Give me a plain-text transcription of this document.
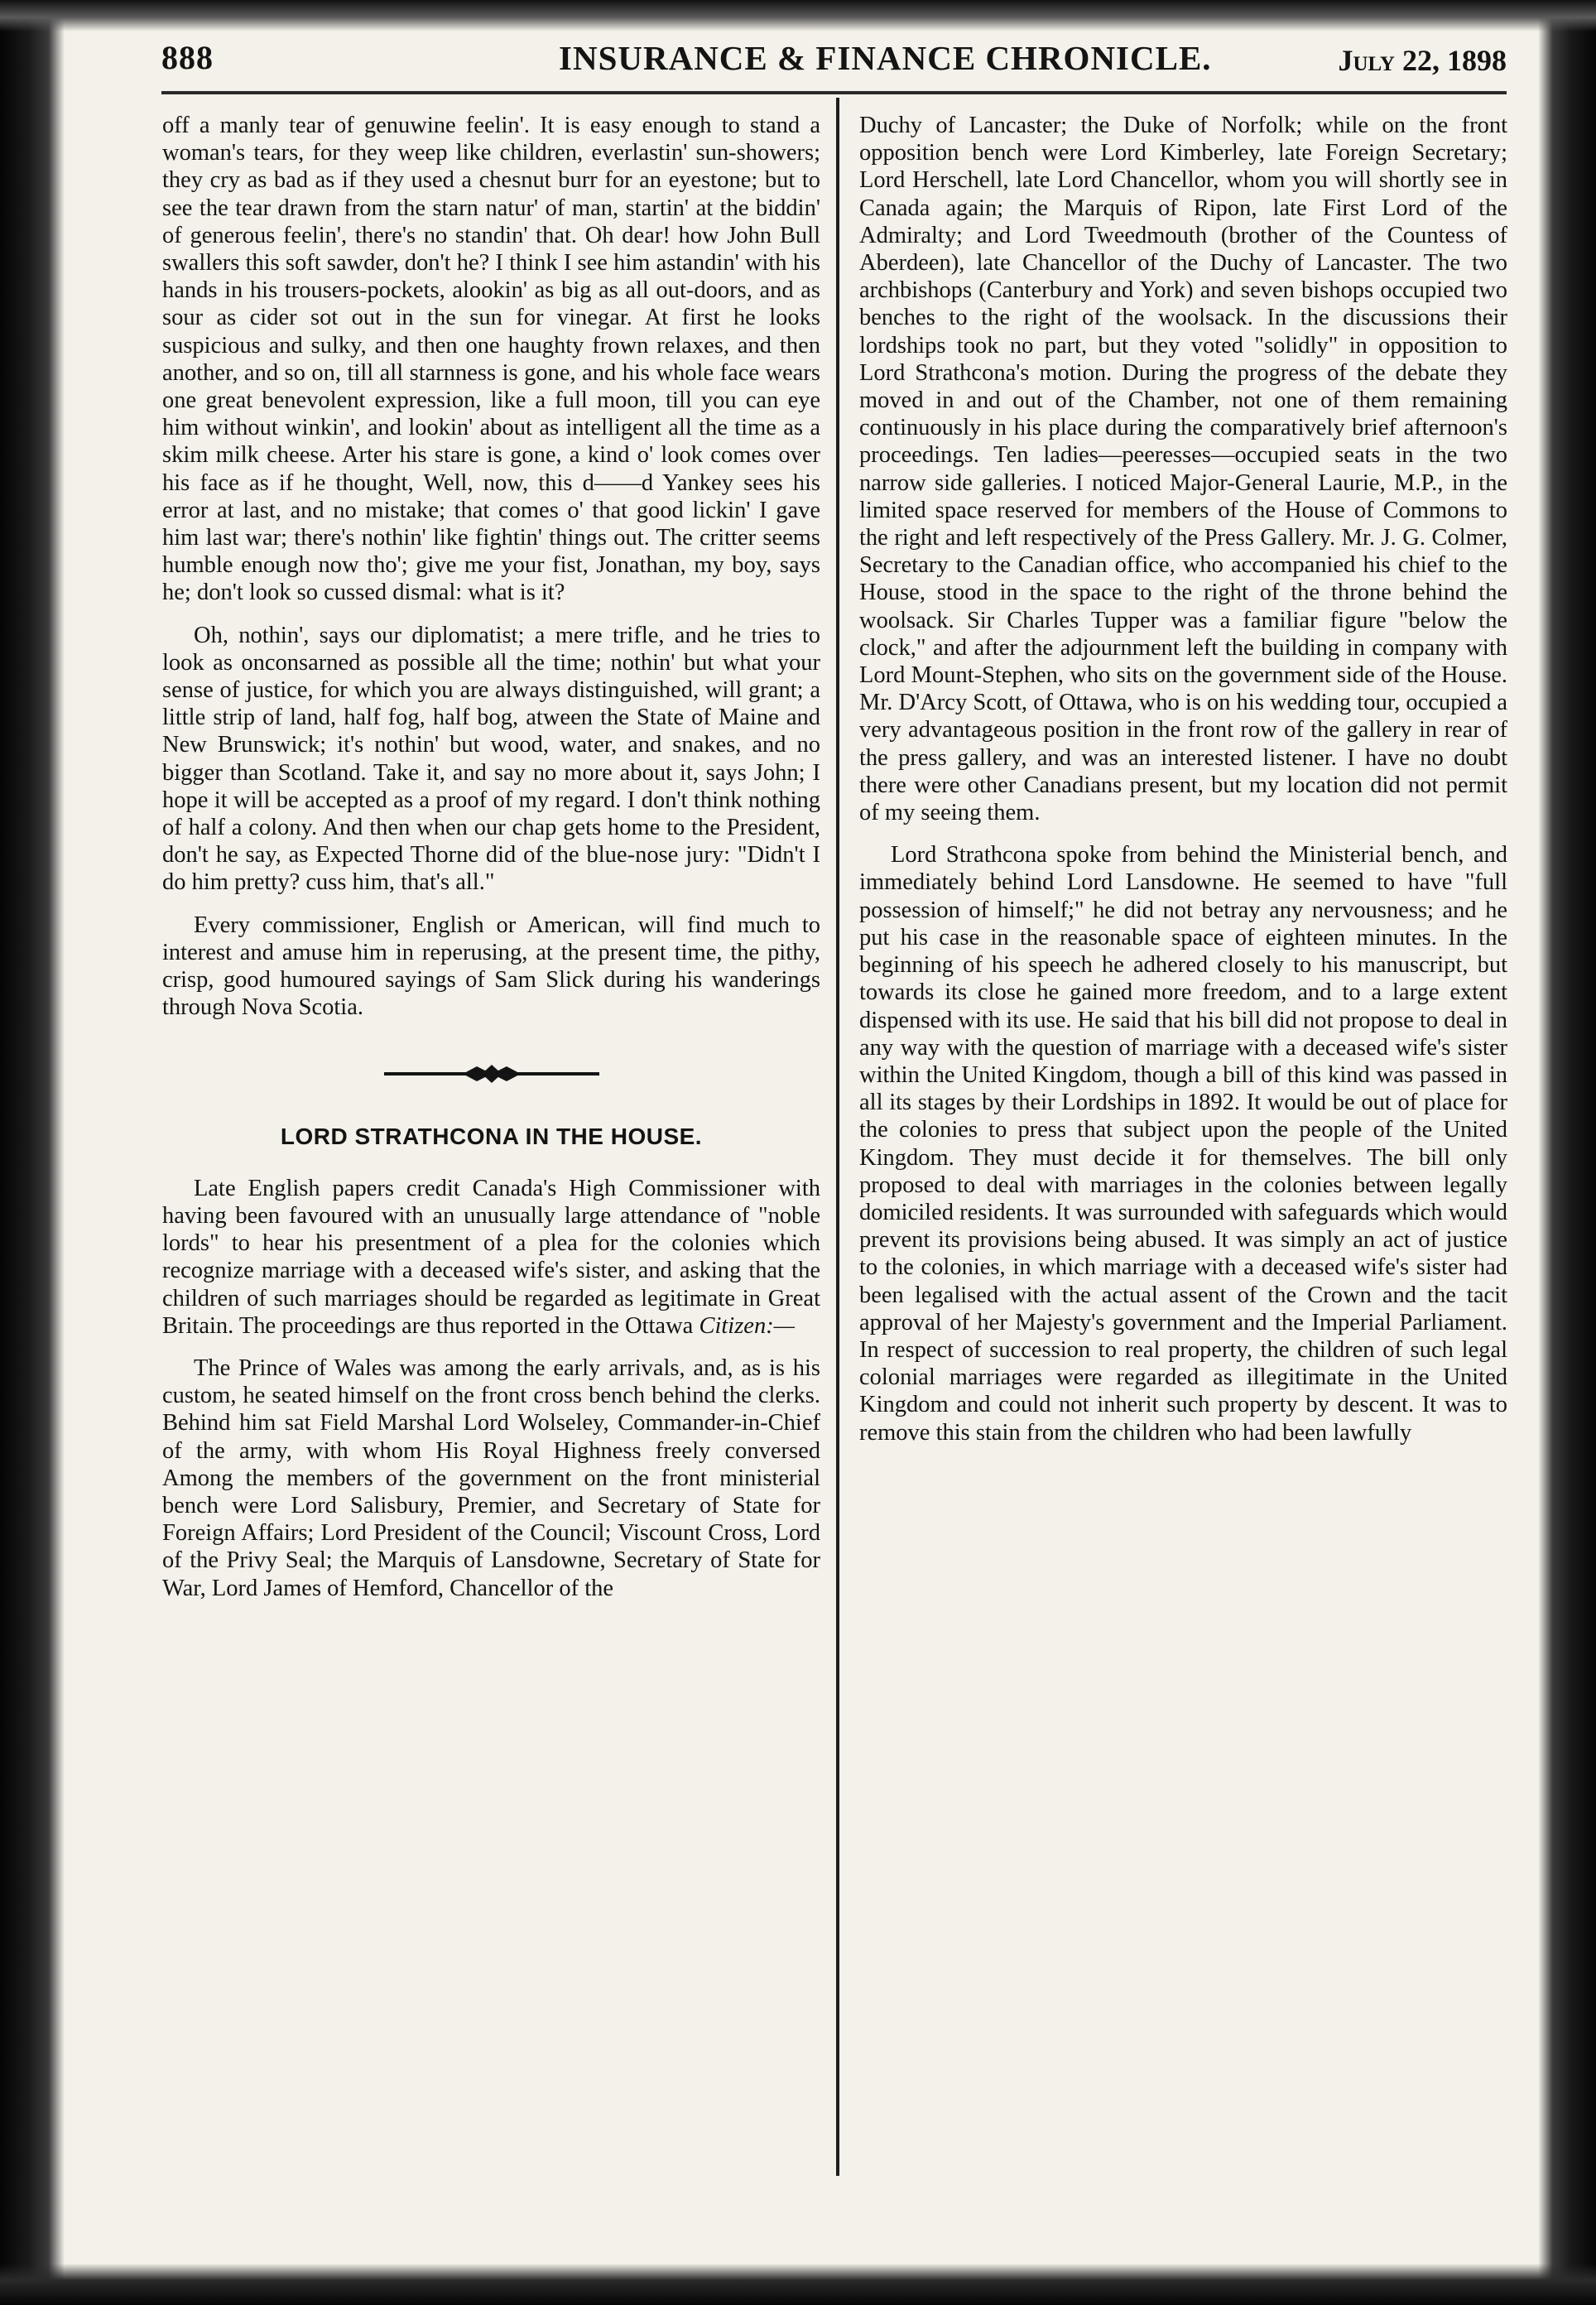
888	INSURANCE & FINANCE CHRONICLE.	July 22, 1898

off a manly tear of genuwine feelin'. It is easy enough to stand a woman's tears, for they weep like children, everlastin' sun-showers; they cry as bad as if they used a chesnut burr for an eyestone; but to see the tear drawn from the starn natur' of man, startin' at the biddin' of generous feelin', there's no standin' that. Oh dear! how John Bull swallers this soft sawder, don't he? I think I see him astandin' with his hands in his trousers-pockets, alookin' as big as all out-doors, and as sour as cider sot out in the sun for vinegar. At first he looks suspicious and sulky, and then one haughty frown relaxes, and then another, and so on, till all starnness is gone, and his whole face wears one great benevolent expression, like a full moon, till you can eye him without winkin', and lookin' about as intelligent all the time as a skim milk cheese. Arter his stare is gone, a kind o' look comes over his face as if he thought, Well, now, this d——d Yankey sees his error at last, and no mistake; that comes o' that good lickin' I gave him last war; there's nothin' like fightin' things out. The critter seems humble enough now tho'; give me your fist, Jonathan, my boy, says he; don't look so cussed dismal: what is it?

Oh, nothin', says our diplomatist; a mere trifle, and he tries to look as onconsarned as possible all the time; nothin' but what your sense of justice, for which you are always distinguished, will grant; a little strip of land, half fog, half bog, atween the State of Maine and New Brunswick; it's nothin' but wood, water, and snakes, and no bigger than Scotland. Take it, and say no more about it, says John; I hope it will be accepted as a proof of my regard. I don't think nothing of half a colony. And then when our chap gets home to the President, don't he say, as Expected Thorne did of the blue-nose jury: "Didn't I do him pretty? cuss him, that's all."

Every commissioner, English or American, will find much to interest and amuse him in reperusing, at the present time, the pithy, crisp, good humoured sayings of Sam Slick during his wanderings through Nova Scotia.

LORD STRATHCONA IN THE HOUSE.

Late English papers credit Canada's High Commissioner with having been favoured with an unusually large attendance of "noble lords" to hear his presentment of a plea for the colonies which recognize marriage with a deceased wife's sister, and asking that the children of such marriages should be regarded as legitimate in Great Britain. The proceedings are thus reported in the Ottawa Citizen:—

The Prince of Wales was among the early arrivals, and, as is his custom, he seated himself on the front cross bench behind the clerks. Behind him sat Field Marshal Lord Wolseley, Commander-in-Chief of the army, with whom His Royal Highness freely conversed Among the members of the government on the front ministerial bench were Lord Salisbury, Premier, and Secretary of State for Foreign Affairs; Lord President of the Council; Viscount Cross, Lord of the Privy Seal; the Marquis of Lansdowne, Secretary of State for War, Lord James of Hemford, Chancellor of the

Duchy of Lancaster; the Duke of Norfolk; while on the front opposition bench were Lord Kimberley, late Foreign Secretary; Lord Herschell, late Lord Chancellor, whom you will shortly see in Canada again; the Marquis of Ripon, late First Lord of the Admiralty; and Lord Tweedmouth (brother of the Countess of Aberdeen), late Chancellor of the Duchy of Lancaster. The two archbishops (Canterbury and York) and seven bishops occupied two benches to the right of the woolsack. In the discussions their lordships took no part, but they voted "solidly" in opposition to Lord Strathcona's motion. During the progress of the debate they moved in and out of the Chamber, not one of them remaining continuously in his place during the comparatively brief afternoon's proceedings. Ten ladies—peeresses—occupied seats in the two narrow side galleries. I noticed Major-General Laurie, M.P., in the limited space reserved for members of the House of Commons to the right and left respectively of the Press Gallery. Mr. J. G. Colmer, Secretary to the Canadian office, who accompanied his chief to the House, stood in the space to the right of the throne behind the woolsack. Sir Charles Tupper was a familiar figure "below the clock," and after the adjournment left the building in company with Lord Mount-Stephen, who sits on the government side of the House. Mr. D'Arcy Scott, of Ottawa, who is on his wedding tour, occupied a very advantageous position in the front row of the gallery in rear of the press gallery, and was an interested listener. I have no doubt there were other Canadians present, but my location did not permit of my seeing them.

Lord Strathcona spoke from behind the Ministerial bench, and immediately behind Lord Lansdowne. He seemed to have "full possession of himself;" he did not betray any nervousness; and he put his case in the reasonable space of eighteen minutes. In the beginning of his speech he adhered closely to his manuscript, but towards its close he gained more freedom, and to a large extent dispensed with its use. He said that his bill did not propose to deal in any way with the question of marriage with a deceased wife's sister within the United Kingdom, though a bill of this kind was passed in all its stages by their Lordships in 1892. It would be out of place for the colonies to press that subject upon the people of the United Kingdom. They must decide it for themselves. The bill only proposed to deal with marriages in the colonies between legally domiciled residents. It was surrounded with safeguards which would prevent its provisions being abused. It was simply an act of justice to the colonies, in which marriage with a deceased wife's sister had been legalised with the actual assent of the Crown and the tacit approval of her Majesty's government and the Imperial Parliament. In respect of succession to real property, the children of such legal colonial marriages were regarded as illegitimate in the United Kingdom and could not inherit such property by descent. It was to remove this stain from the children who had been lawfully
